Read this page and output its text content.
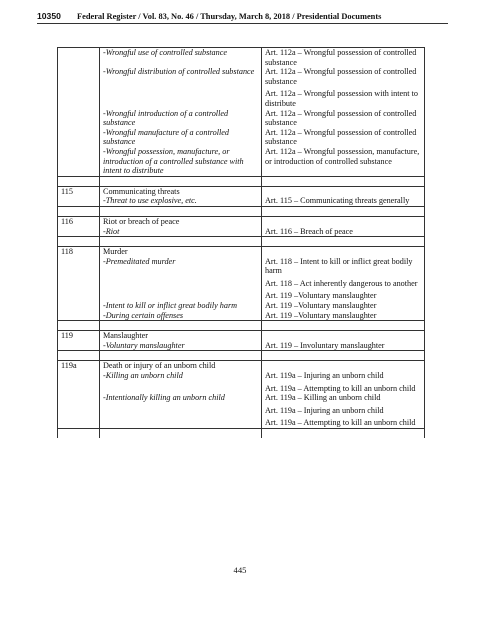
10350 Federal Register / Vol. 83, No. 46 / Thursday, March 8, 2018 / Presidential Documents

	-Wrongful use of controlled substance	Art. 112a – Wrongful possession of controlled substance

	-Wrongful distribution of controlled substance	Art. 112a – Wrongful possession of controlled substance
Art. 112a – Wrongful possession with intent to distribute

	-Wrongful introduction of a controlled substance	Art. 112a – Wrongful possession of controlled substance

	-Wrongful manufacture of a controlled substance	Art. 112a – Wrongful possession of controlled substance

	-Wrongful possession, manufacture, or introduction of a controlled substance with intent to distribute	Art. 112a – Wrongful possession, manufacture, or introduction of controlled substance

115	Communicating threats	

	-Threat to use explosive, etc.	Art. 115 – Communicating threats generally

116	Riot or breach of peace	

	-Riot	Art. 116 – Breach of peace

118	Murder	

	-Premeditated murder	Art. 118 – Intent to kill or inflict great bodily harm
Art. 118 – Act inherently dangerous to another
Art. 119 –Voluntary manslaughter

	-Intent to kill or inflict great bodily harm	Art. 119 –Voluntary manslaughter

	-During certain offenses	Art. 119 –Voluntary manslaughter

119	Manslaughter	

	-Voluntary manslaughter	Art. 119 – Involuntary manslaughter

119a	Death or injury of an unborn child	

	-Killing an unborn child	Art. 119a – Injuring an unborn child
Art. 119a – Attempting to kill an unborn child

	-Intentionally killing an unborn child	Art. 119a – Killing an unborn child
Art. 119a – Injuring an unborn child
Art. 119a – Attempting to kill an unborn child

445
